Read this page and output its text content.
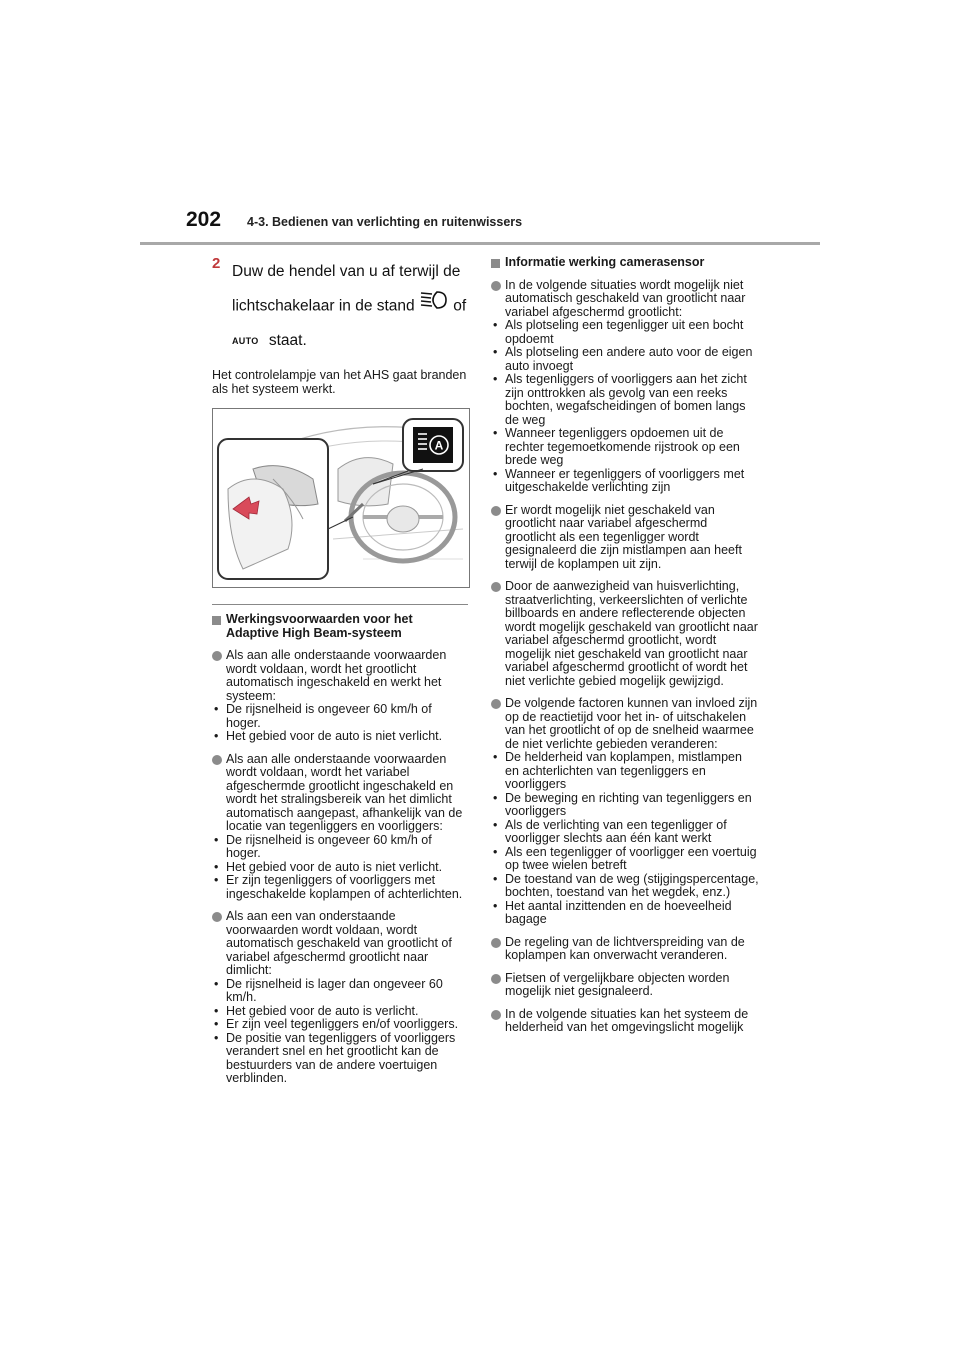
202 4-3. Bedienen van verlichting en ruitenwissers
2 Duw de hendel van u af terwijl de lichtschakelaar in de stand of
AUTO staat.

Het controlelampje van het AHS gaat branden als het systeem werkt.

A
Werkingsvoorwaarden voor het Adaptive High Beam-systeem
Als aan alle onderstaande voorwaarden wordt voldaan, wordt het grootlicht automatisch ingeschakeld en werkt het systeem:
• De rijsnelheid is ongeveer 60 km/h of hoger.
• Het gebied voor de auto is niet verlicht.
Als aan alle onderstaande voorwaarden wordt voldaan, wordt het variabel afgeschermde grootlicht ingeschakeld en wordt het stralingsbereik van het dimlicht automatisch aangepast, afhankelijk van de locatie van tegenliggers en voorliggers:
• De rijsnelheid is ongeveer 60 km/h of hoger.
• Het gebied voor de auto is niet verlicht.
• Er zijn tegenliggers of voorliggers met ingeschakelde koplampen of achterlichten.
Als aan een van onderstaande voorwaarden wordt voldaan, wordt automatisch geschakeld van grootlicht of variabel afgeschermd grootlicht naar dimlicht:
• De rijsnelheid is lager dan ongeveer 60 km/h.
• Het gebied voor de auto is verlicht.
• Er zijn veel tegenliggers en/of voorliggers.
• De positie van tegenliggers of voorliggers verandert snel en het grootlicht kan de bestuurders van de andere voertuigen verblinden.
Informatie werking camerasensor
In de volgende situaties wordt mogelijk niet automatisch geschakeld van grootlicht naar variabel afgeschermd grootlicht:
• Als plotseling een tegenligger uit een bocht opdoemt
• Als plotseling een andere auto voor de eigen auto invoegt
• Als tegenliggers of voorliggers aan het zicht zijn onttrokken als gevolg van een reeks bochten, wegafscheidingen of bomen langs de weg
• Wanneer tegenliggers opdoemen uit de rechter tegemoetkomende rijstrook op een brede weg
• Wanneer er tegenliggers of voorliggers met uitgeschakelde verlichting zijn
Er wordt mogelijk niet geschakeld van grootlicht naar variabel afgeschermd grootlicht als een tegenligger wordt gesignaleerd die zijn mistlampen aan heeft terwijl de koplampen uit zijn.
Door de aanwezigheid van huisverlichting, straatverlichting, verkeerslichten of verlichte billboards en andere reflecterende objecten wordt mogelijk geschakeld van grootlicht naar variabel afgeschermd grootlicht, wordt mogelijk niet geschakeld van grootlicht naar variabel afgeschermd grootlicht of wordt het niet verlichte gebied mogelijk gewijzigd.
De volgende factoren kunnen van invloed zijn op de reactietijd voor het in- of uitschakelen van het grootlicht of op de snelheid waarmee de niet verlichte gebieden veranderen:
• De helderheid van koplampen, mistlampen en achterlichten van tegenliggers en voorliggers
• De beweging en richting van tegenliggers en voorliggers
• Als de verlichting van een tegenligger of voorligger slechts aan één kant werkt
• Als een tegenligger of voorligger een voertuig op twee wielen betreft
• De toestand van de weg (stijgingspercentage, bochten, toestand van het wegdek, enz.)
• Het aantal inzittenden en de hoeveelheid bagage
De regeling van de lichtverspreiding van de koplampen kan onverwacht veranderen.
Fietsen of vergelijkbare objecten worden mogelijk niet gesignaleerd.
In de volgende situaties kan het systeem de helderheid van het omgevingslicht mogelijk
